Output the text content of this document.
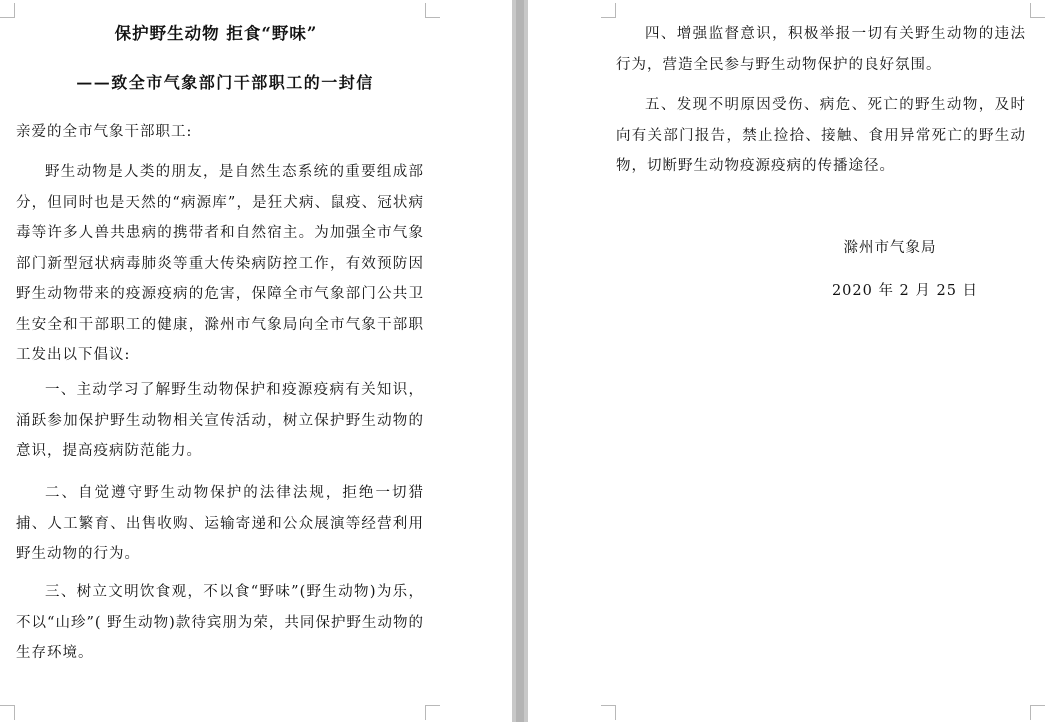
保护野生动物 拒食“野味”
——致全市气象部门干部职工的一封信
亲爱的全市气象干部职工:
野生动物是人类的朋友，是自然生态系统的重要组成部分，但同时也是天然的“病源库”，是狂犬病、鼠疫、冠状病毒等许多人兽共患病的携带者和自然宿主。为加强全市气象部门新型冠状病毒肺炎等重大传染病防控工作，有效预防因野生动物带来的疫源疫病的危害，保障全市气象部门公共卫生安全和干部职工的健康，滁州市气象局向全市气象干部职工发出以下倡议:
一、主动学习了解野生动物保护和疫源疫病有关知识，涌跃参加保护野生动物相关宣传活动，树立保护野生动物的意识，提高疫病防范能力。
二、自觉遵守野生动物保护的法律法规，拒绝一切猎捕、人工繁育、出售收购、运输寄递和公众展演等经营利用野生动物的行为。
三、树立文明饮食观，不以食“野味”(野生动物)为乐，不以“山珍”( 野生动物)款待宾朋为荣，共同保护野生动物的生存环境。
四、增强监督意识，积极举报一切有关野生动物的违法行为，营造全民参与野生动物保护的良好氛围。
五、发现不明原因受伤、病危、死亡的野生动物，及时向有关部门报告，禁止捡拾、接触、食用异常死亡的野生动物，切断野生动物疫源疫病的传播途径。
滁州市气象局
2020 年 2 月 25 日
